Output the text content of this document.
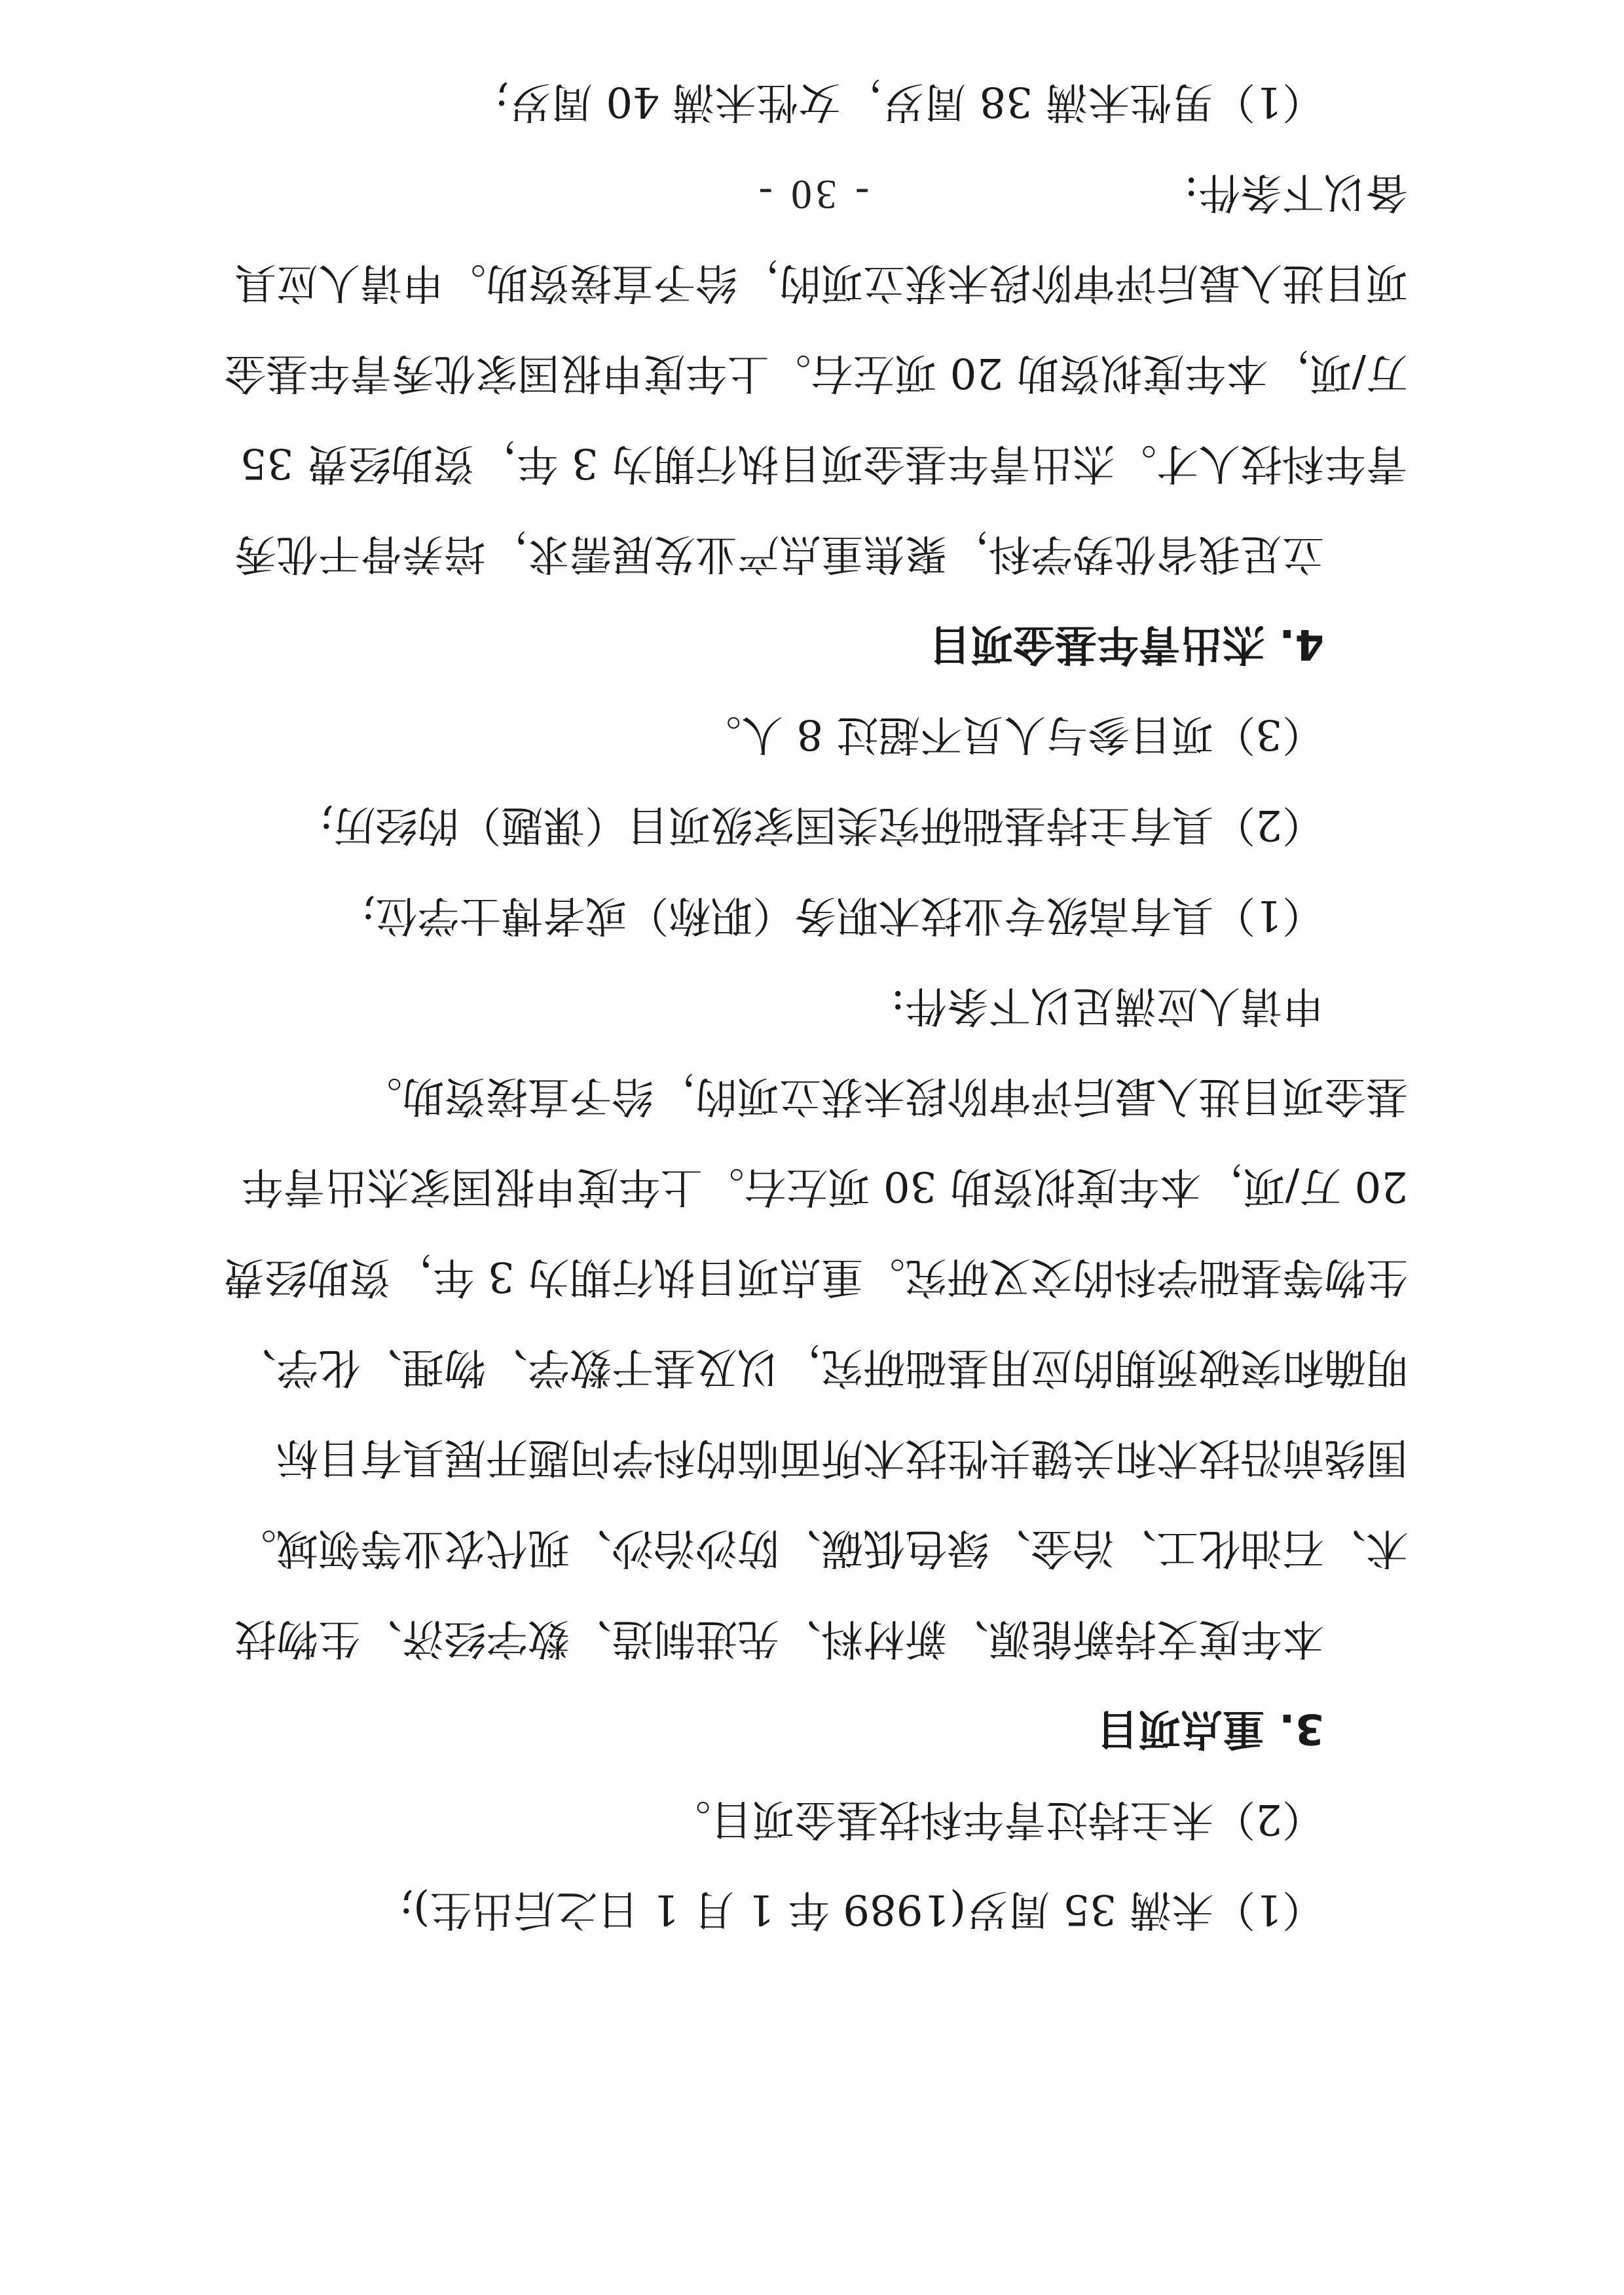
（1）未满 35 周岁(1989 年 1 月 1 日之后出生);

（2）未主持过青年科技基金项目。

3. 重点项目

本年度支持新能源、新材料、先进制造、数字经济、生物技

术、石油化工、冶金、绿色低碳、防沙治沙、现代农业等领域。

围绕前沿技术和关键共性技术所面临的科学问题开展具有目标

明确和突破预期的应用基础研究，以及基于数学、物理、化学、

生物等基础学科的交叉研究。重点项目执行期为 3 年，资助经费

20 万/项，本年度拟资助 30 项左右。上年度申报国家杰出青年

基金项目进入最后评审阶段未获立项的，给予直接资助。

申请人应满足以下条件:

（1）具有高级专业技术职务（职称）或者博士学位;

（2）具有主持基础研究类国家级项目（课题）的经历;

（3）项目参与人员不超过 8 人。

4. 杰出青年基金项目

立足我省优势学科，聚焦重点产业发展需求，培养骨干优秀

青年科技人才。杰出青年基金项目执行期为 3 年，资助经费 35

万/项，本年度拟资助 20 项左右。上年度申报国家优秀青年基金

项目进入最后评审阶段未获立项的，给予直接资助。申请人应具

备以下条件:

（1）男性未满 38 周岁，女性未满 40 周岁;

- 30 -
